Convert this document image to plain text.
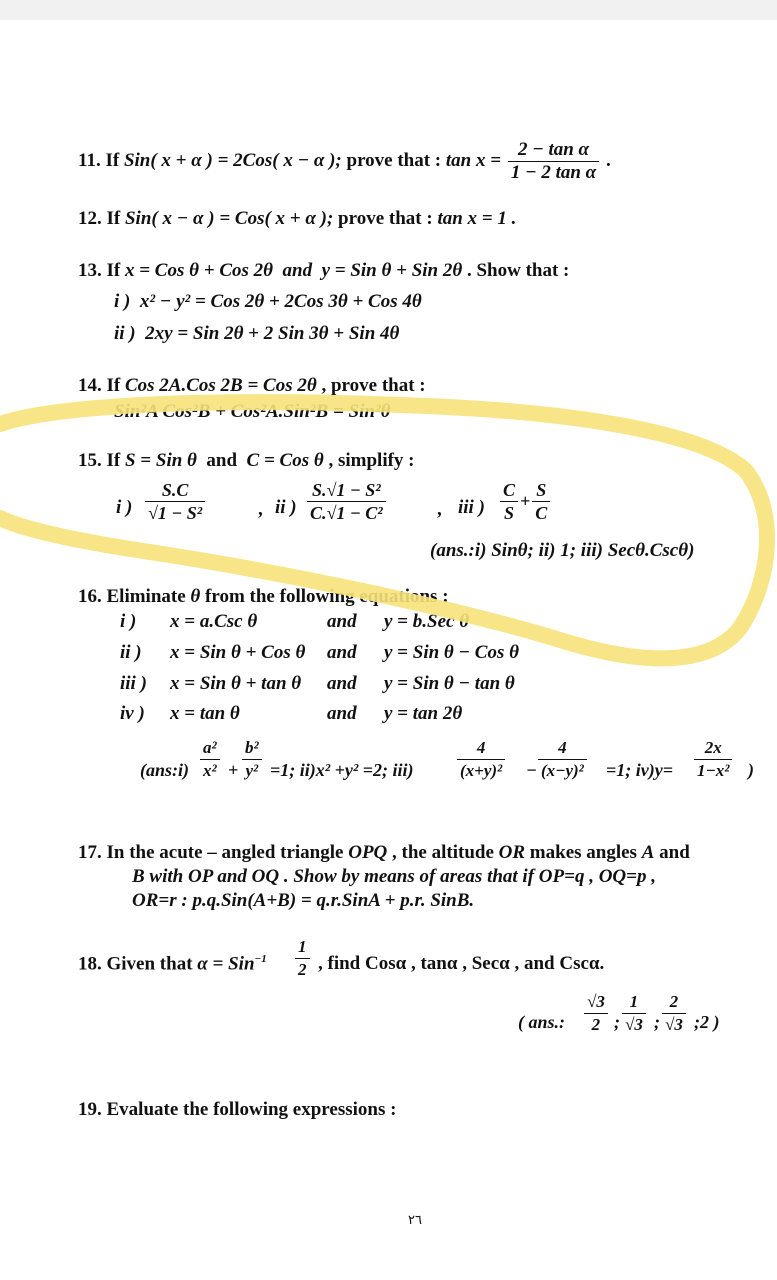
11. If Sin( x + α ) = 2Cos( x − α ); prove that : $\tan x = \frac{\text{2 − tan α}}{\text{1 − 2 tan α}}$ .
12. If Sin( x − α ) = Cos( x + α ); prove that : tan x = 1 .
13. If x = Cos θ + Cos 2θ and y = Sin θ + Sin 2θ . Show that :
i ) x² − y² = Cos 2θ + 2Cos 3θ + Cos 4θ
ii ) 2xy = Sin 2θ + 2 Sin 3θ + Sin 4θ
14. If Cos 2A.Cos 2B = Cos 2θ , prove that :
Sin²A Cos²B + Cos²A.Sin²B = Sin²θ
15. If S = Sin θ and C = Cos θ , simplify :
i ) $\frac{S.C}{\text{√1 − S²}}$	, ii ) $\frac{\text{S.√1 − S²}}{\text{C.√1 − C²}}$	, iii ) $\frac{C}{S} + \frac{S}{C}$
(ans.:i) Sinθ; ii) 1; iii) Secθ.Cscθ)
16. Eliminate θ from the following equations :
i ) x = a.Csc θ	and y = b.Sec θ
ii ) x = Sin θ + Cos θ and y = Sin θ − Cos θ
iii ) x = Sin θ + tan θ and y = Sin θ − tan θ
iv ) x = tan θ	and y = tan 2θ
(ans:i) $\frac{\text{a²}}{\text{x²}} + \frac{\text{b²}}{\text{y²}} =1$; ii)x² +y² =2; iii)	$\frac{4}{\text{(x+y)²}} - \frac{4}{\text{(x−y)²}} =1$; $iv)y= \frac{2x}{\text{1−x²}}$ )
17. In the acute – angled triangle OPQ , the altitude OR makes angles A and
B with OP and OQ . Show by means of areas that if OP=q , OQ=p ,
OR=r : p.q.Sin(A+B) = q.r.SinA + p.r. SinB.
18. Given that $\alpha = Sin^{-1} \frac{1}{2}$ , find Cosα , tanα , Secα , and Cscα.
( ans.: $\frac{√3}{2}$ ; $\frac{1}{√3}$ ; $\frac{2}{√3}$ ;2 )
19. Evaluate the following expressions :
٢٦
